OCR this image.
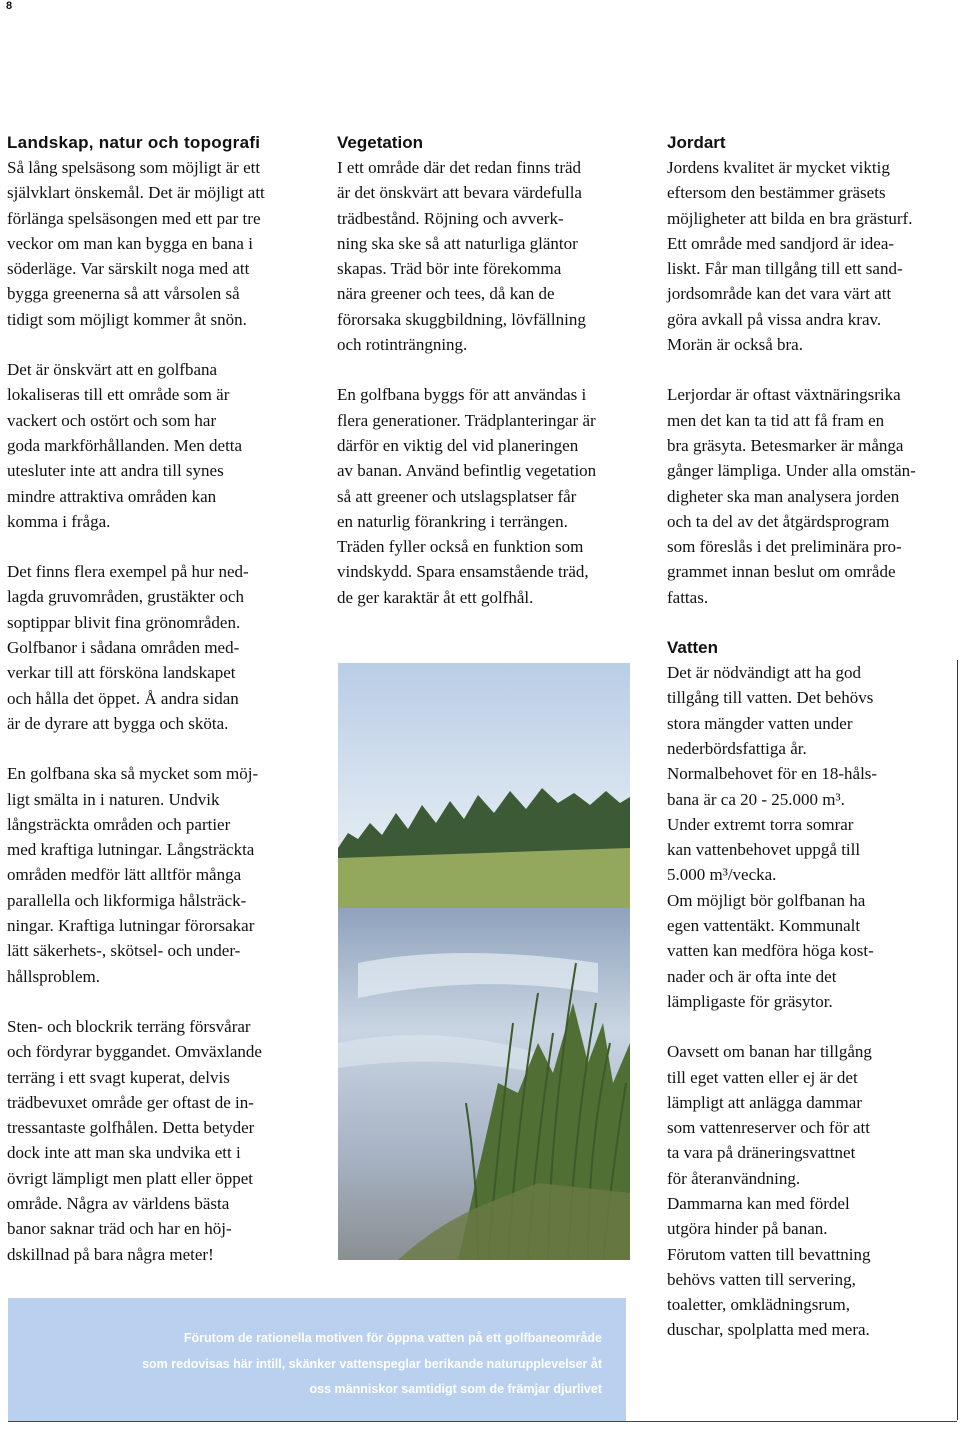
8
Landskap, natur och topografi

Så lång spelsäsong som möjligt är ett
självklart önskemål. Det är möjligt att
förlänga spelsäsongen med ett par tre
veckor om man kan bygga en bana i
söderläge. Var särskilt noga med att
bygga greenerna så att vårsolen så
tidigt som möjligt kommer åt snön.

Det är önskvärt att en golfbana
lokaliseras till ett område som är
vackert och ostört och som har
goda markförhållanden. Men detta
utesluter inte att andra till synes
mindre attraktiva områden kan
komma i fråga.

Det finns flera exempel på hur ned-
lagda gruvområden, grustäkter och
soptippar blivit fina grönområden.
Golfbanor i sådana områden med-
verkar till att försköna landskapet
och hålla det öppet. Å andra sidan
är de dyrare att bygga och sköta.

En golfbana ska så mycket som möj-
ligt smälta in i naturen. Undvik
långsträckta områden och partier
med kraftiga lutningar. Långsträckta
områden medför lätt alltför många
parallella och likformiga hålsträck-
ningar. Kraftiga lutningar förorsakar
lätt säkerhets-, skötsel- och under-
hållsproblem.

Sten- och blockrik terräng försvårar
och fördyrar byggandet. Omväxlande
terräng i ett svagt kuperat, delvis
trädbevuxet område ger oftast de in-
tressantaste golfhålen. Detta betyder
dock inte att man ska undvika ett i
övrigt lämpligt men platt eller öppet
område. Några av världens bästa
banor saknar träd och har en höj-
dskillnad på bara några meter!

Vegetation

I ett område där det redan finns träd
är det önskvärt att bevara värdefulla
trädbestånd. Röjning och avverk-
ning ska ske så att naturliga gläntor
skapas. Träd bör inte förekomma
nära greener och tees, då kan de
förorsaka skuggbildning, lövfällning
och rotinträngning.

En golfbana byggs för att användas i
flera generationer. Trädplanteringar är
därför en viktig del vid planeringen
av banan. Använd befintlig vegetation
så att greener och utslagsplatser får
en naturlig förankring i terrängen.
Träden fyller också en funktion som
vindskydd. Spara ensamstående träd,
de ger karaktär åt ett golfhål.

Jordart

Jordens kvalitet är mycket viktig
eftersom den bestämmer gräsets
möjligheter att bilda en bra grästurf.
Ett område med sandjord är idea-
liskt. Får man tillgång till ett sand-
jordsområde kan det vara värt att
göra avkall på vissa andra krav.
Morän är också bra.

Lerjordar är oftast växtnäringsrika
men det kan ta tid att få fram en
bra gräsyta. Betesmarker är många
gånger lämpliga. Under alla omstän-
digheter ska man analysera jorden
och ta del av det åtgärdsprogram
som föreslås i det preliminära pro-
grammet innan beslut om område
fattas.

Vatten

Det är nödvändigt att ha god
tillgång till vatten. Det behövs
stora mängder vatten under
nederbördsfattiga år.
Normalbehovet för en 18-håls-
bana är ca 20 - 25.000 m³.
Under extremt torra somrar
kan vattenbehovet uppgå till
5.000 m³/vecka.
Om möjligt bör golfbanan ha
egen vattentäkt. Kommunalt
vatten kan medföra höga kost-
nader och är ofta inte det
lämpligaste för gräsytor.

Oavsett om banan har tillgång
till eget vatten eller ej är det
lämpligt att anlägga dammar
som vattenreserver och för att
ta vara på dräneringsvattnet
för återanvändning.
Dammarna kan med fördel
utgöra hinder på banan.
Förutom vatten till bevattning
behövs vatten till servering,
toaletter, omklädningsrum,
duschar, spolplatta med mera.

Förutom de rationella motiven för öppna vatten på ett golfbaneområde
som redovisas här intill, skänker vattenspeglar berikande naturupplevelser åt
oss människor samtidigt som de främjar djurlivet
